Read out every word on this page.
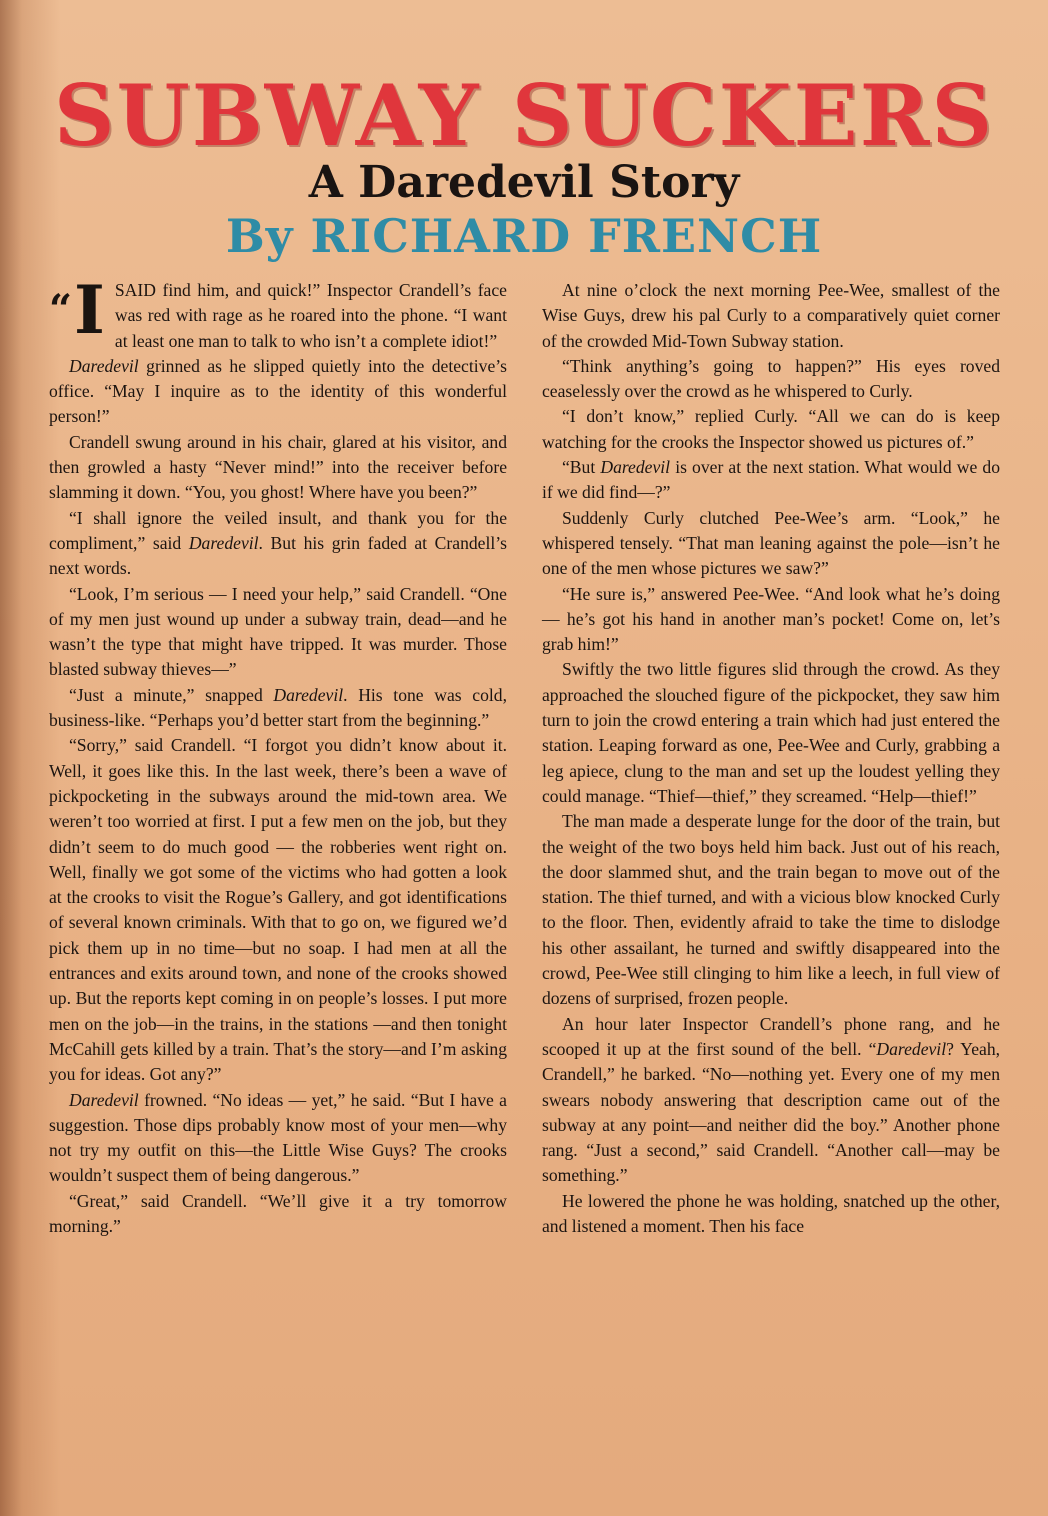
SUBWAY SUCKERS
A Daredevil Story
By RICHARD FRENCH

“I SAID find him, and quick!” Inspector Crandell’s face was red with rage as he roared into the phone. “I want at least one man to talk to who isn’t a complete idiot!”

Daredevil grinned as he slipped quietly into the detective’s office. “May I inquire as to the identity of this wonderful person!”

Crandell swung around in his chair, glared at his visitor, and then growled a hasty “Never mind!” into the receiver before slamming it down. “You, you ghost! Where have you been?”

“I shall ignore the veiled insult, and thank you for the compliment,” said Daredevil. But his grin faded at Crandell’s next words.

“Look, I’m serious — I need your help,” said Crandell. “One of my men just wound up under a subway train, dead—and he wasn’t the type that might have tripped. It was murder. Those blasted subway thieves—”

“Just a minute,” snapped Daredevil. His tone was cold, business-like. “Perhaps you’d better start from the beginning.”

“Sorry,” said Crandell. “I forgot you didn’t know about it. Well, it goes like this. In the last week, there’s been a wave of pickpocketing in the subways around the mid-town area. We weren’t too worried at first. I put a few men on the job, but they didn’t seem to do much good — the robberies went right on. Well, finally we got some of the victims who had gotten a look at the crooks to visit the Rogue’s Gallery, and got identifications of several known criminals. With that to go on, we figured we’d pick them up in no time—but no soap. I had men at all the entrances and exits around town, and none of the crooks showed up. But the reports kept coming in on people’s losses. I put more men on the job—in the trains, in the stations —and then tonight McCahill gets killed by a train. That’s the story—and I’m asking you for ideas. Got any?”

Daredevil frowned. “No ideas — yet,” he said. “But I have a suggestion. Those dips probably know most of your men—why not try my outfit on this—the Little Wise Guys? The crooks wouldn’t suspect them of being dangerous.”

“Great,” said Crandell. “We’ll give it a try tomorrow morning.”

At nine o’clock the next morning Pee-Wee, smallest of the Wise Guys, drew his pal Curly to a comparatively quiet corner of the crowded Mid-Town Subway station.

“Think anything’s going to happen?” His eyes roved ceaselessly over the crowd as he whispered to Curly.

“I don’t know,” replied Curly. “All we can do is keep watching for the crooks the Inspector showed us pictures of.”

“But Daredevil is over at the next station. What would we do if we did find—?”

Suddenly Curly clutched Pee-Wee’s arm. “Look,” he whispered tensely. “That man leaning against the pole—isn’t he one of the men whose pictures we saw?”

“He sure is,” answered Pee-Wee. “And look what he’s doing — he’s got his hand in another man’s pocket! Come on, let’s grab him!”

Swiftly the two little figures slid through the crowd. As they approached the slouched figure of the pickpocket, they saw him turn to join the crowd entering a train which had just entered the station. Leaping forward as one, Pee-Wee and Curly, grabbing a leg apiece, clung to the man and set up the loudest yelling they could manage. “Thief—thief,” they screamed. “Help—thief!”

The man made a desperate lunge for the door of the train, but the weight of the two boys held him back. Just out of his reach, the door slammed shut, and the train began to move out of the station. The thief turned, and with a vicious blow knocked Curly to the floor. Then, evidently afraid to take the time to dislodge his other assailant, he turned and swiftly disappeared into the crowd, Pee-Wee still clinging to him like a leech, in full view of dozens of surprised, frozen people.

An hour later Inspector Crandell’s phone rang, and he scooped it up at the first sound of the bell. “Daredevil? Yeah, Crandell,” he barked. “No—nothing yet. Every one of my men swears nobody answering that description came out of the subway at any point—and neither did the boy.” Another phone rang. “Just a second,” said Crandell. “Another call—may be something.”

He lowered the phone he was holding, snatched up the other, and listened a moment. Then his face
